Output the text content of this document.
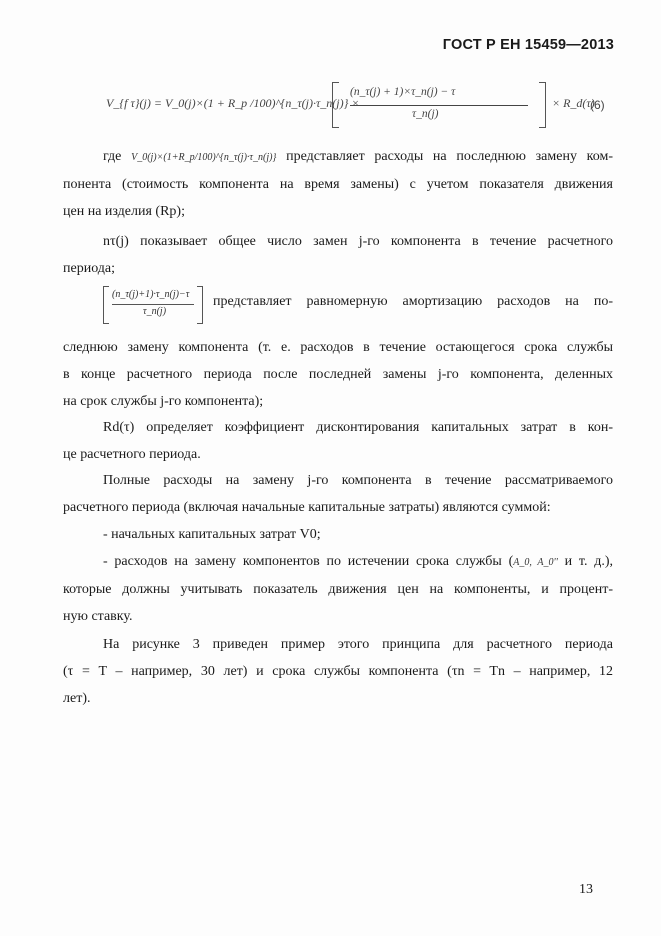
ГОСТ Р ЕН 15459—2013
V_{f τ}(j) = V_0(j)×(1 + R_p /100)^{n_τ(j)·τ_n(j)} ×
(n_τ(j) + 1)×τ_n(j) − τ
τ_n(j)
× R_d(τ)
(6)
где V_0(j)×(1+R_p/100)^{n_τ(j)·τ_n(j)} представляет расходы на последнюю замену ком-
понента (стоимость компонента на время замены) с учетом показателя движения
цен на изделия (Rp);
nτ(j) показывает общее число замен j-го компонента в течение расчетного
периода;
(n_τ(j)+1)·τ_n(j)−τ
τ_n(j)
представляет равномерную амортизацию расходов на по-
следнюю замену компонента (т. е. расходов в течение остающегося срока службы
в конце расчетного периода после последней замены j-го компонента, деленных
на срок службы j-го компонента);
Rd(τ) определяет коэффициент дисконтирования капитальных затрат в кон-
це расчетного периода.
Полные расходы на замену j-го компонента в течение рассматриваемого
расчетного периода (включая начальные капитальные затраты) являются суммой:
- начальных капитальных затрат V0;
- расходов на замену компонентов по истечении срока службы (A_0, A_0'' и т. д.),
которые должны учитывать показатель движения цен на компоненты, и процент-
ную ставку.
На рисунке 3 приведен пример этого принципа для расчетного периода
(τ = T – например, 30 лет) и срока службы компонента (τn = Tn – например, 12
лет).
13
